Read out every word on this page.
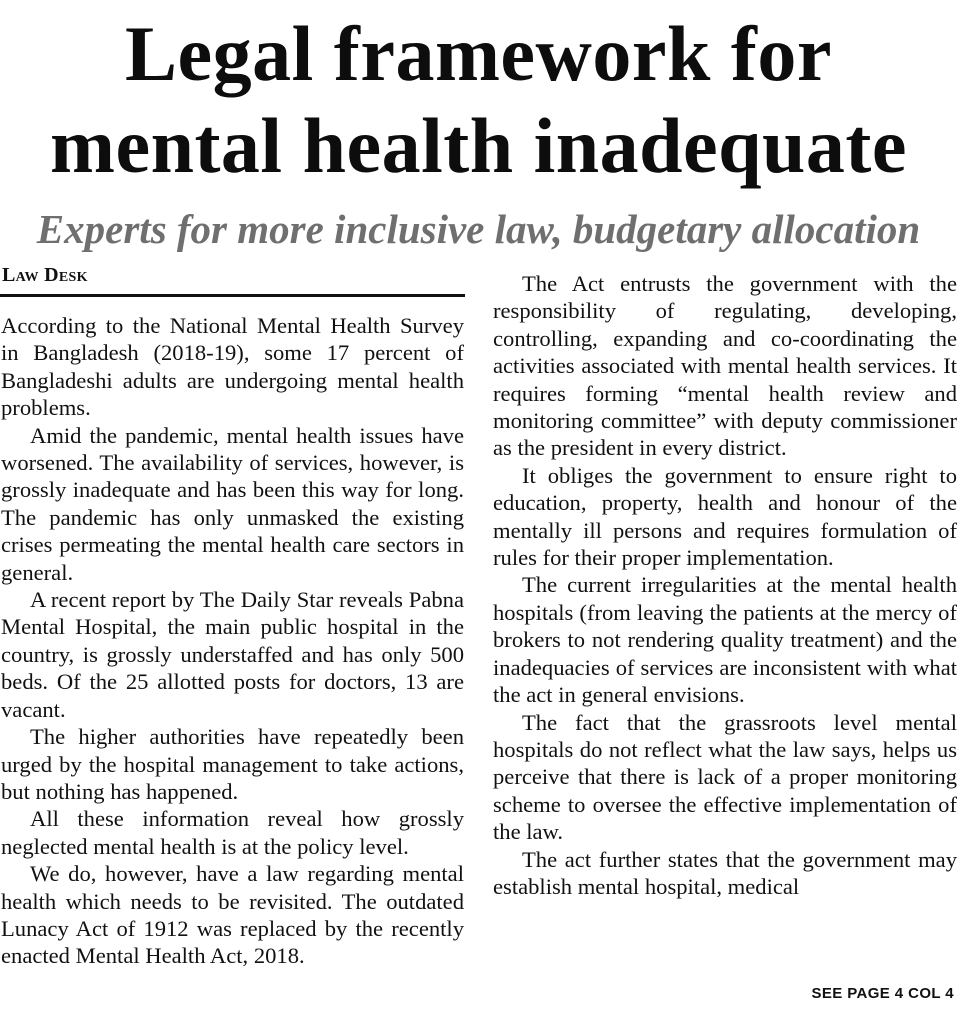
Legal framework for
mental health inadequate
Experts for more inclusive law, budgetary allocation
Law Desk

According to the National Mental Health Survey in Bangladesh (2018-19), some 17 percent of Bangladeshi adults are undergoing mental health problems.

Amid the pandemic, mental health issues have worsened. The availability of services, however, is grossly inadequate and has been this way for long. The pandemic has only unmasked the existing crises permeating the mental health care sectors in general.

A recent report by The Daily Star reveals Pabna Mental Hospital, the main public hospital in the country, is grossly understaffed and has only 500 beds. Of the 25 allotted posts for doctors, 13 are vacant.

The higher authorities have repeatedly been urged by the hospital management to take actions, but nothing has happened.

All these information reveal how grossly neglected mental health is at the policy level.

We do, however, have a law regarding mental health which needs to be revisited. The outdated Lunacy Act of 1912 was replaced by the recently enacted Mental Health Act, 2018.

The Act entrusts the government with the responsibility of regulating, developing, controlling, expanding and co-coordinating the activities associated with mental health services. It requires forming “mental health review and monitoring committee” with deputy commissioner as the president in every district.

It obliges the government to ensure right to education, property, health and honour of the mentally ill persons and requires formulation of rules for their proper implementation.

The current irregularities at the mental health hospitals (from leaving the patients at the mercy of brokers to not rendering quality treatment) and the inadequacies of services are inconsistent with what the act in general envisions.

The fact that the grassroots level mental hospitals do not reflect what the law says, helps us perceive that there is lack of a proper monitoring scheme to oversee the effective implementation of the law.

The act further states that the government may establish mental hospital, medical

SEE PAGE 4 COL 4
